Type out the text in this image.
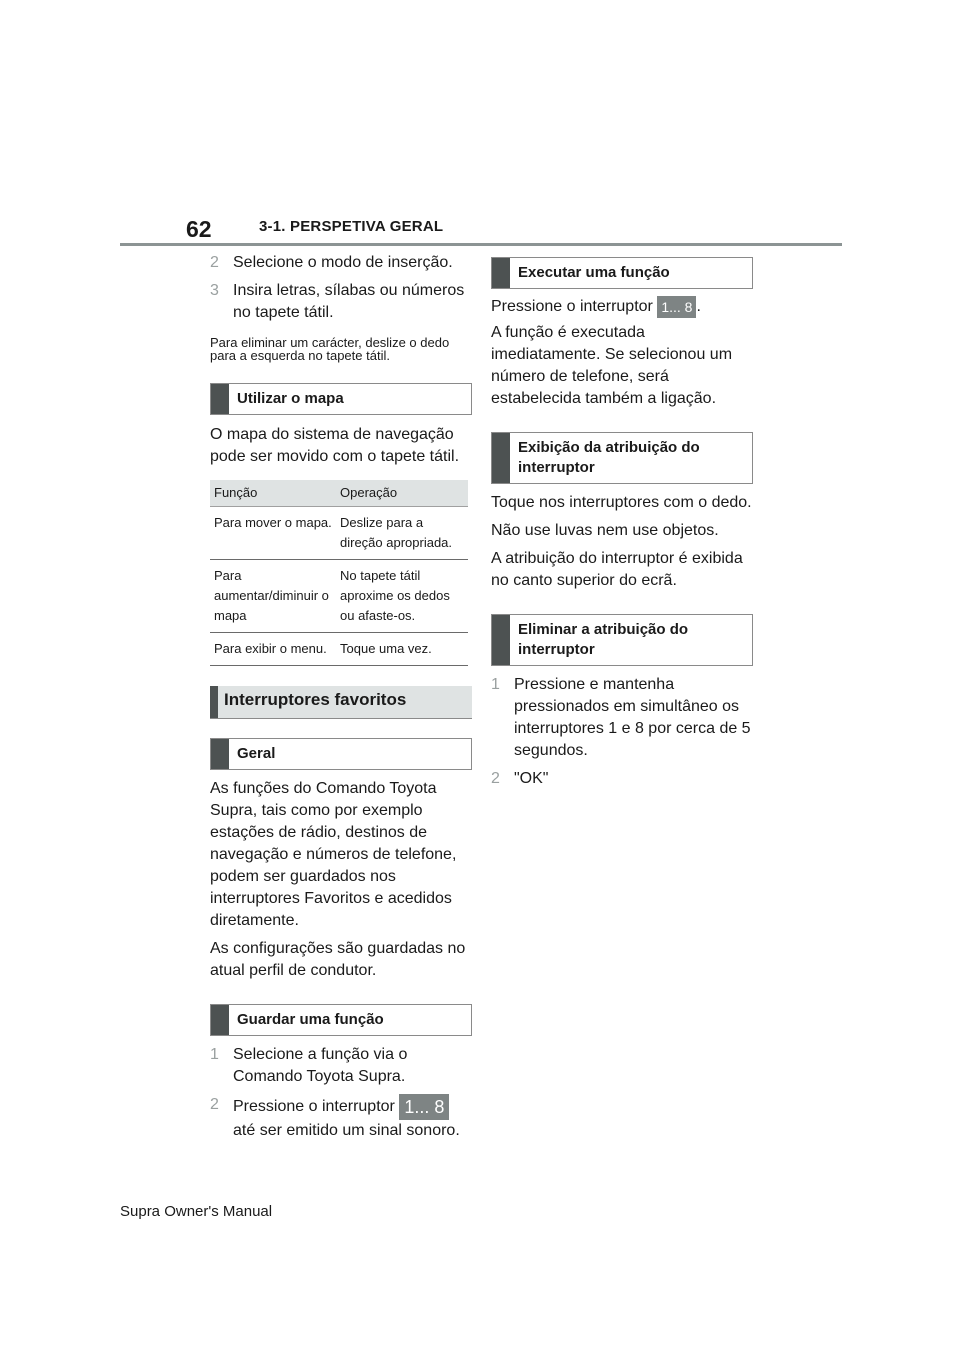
62	3-1. PERSPETIVA GERAL

2 Selecione o modo de inserção.

3 Insira letras, sílabas ou números no tapete tátil.

Para eliminar um carácter, deslize o dedo para a esquerda no tapete tátil.

Utilizar o mapa

O mapa do sistema de navegação pode ser movido com o tapete tátil.

Função	Operação
Para mover o mapa.	Deslize para a direção apropriada.
Para aumentar/diminuir o mapa	No tapete tátil aproxime os dedos ou afaste-os.
Para exibir o menu.	Toque uma vez.
Interruptores favoritos
Geral

As funções do Comando Toyota Supra, tais como por exemplo estações de rádio, destinos de navegação e números de telefone, podem ser guardados nos interruptores Favoritos e acedidos diretamente.

As configurações são guardadas no atual perfil de condutor.

Guardar uma função

1 Selecione a função via o Comando Toyota Supra.

2 Pressione o interruptor 1... 8 até ser emitido um sinal sonoro.

Executar uma função

Pressione o interruptor 1... 8 .

A função é executada imediatamente. Se selecionou um número de telefone, será estabelecida também a ligação.

Exibição da atribuição do interruptor

Toque nos interruptores com o dedo.

Não use luvas nem use objetos.

A atribuição do interruptor é exibida no canto superior do ecrã.

Eliminar a atribuição do interruptor

1 Pressione e mantenha pressionados em simultâneo os interruptores 1 e 8 por cerca de 5 segundos.

2 "OK"

Supra Owner's Manual
